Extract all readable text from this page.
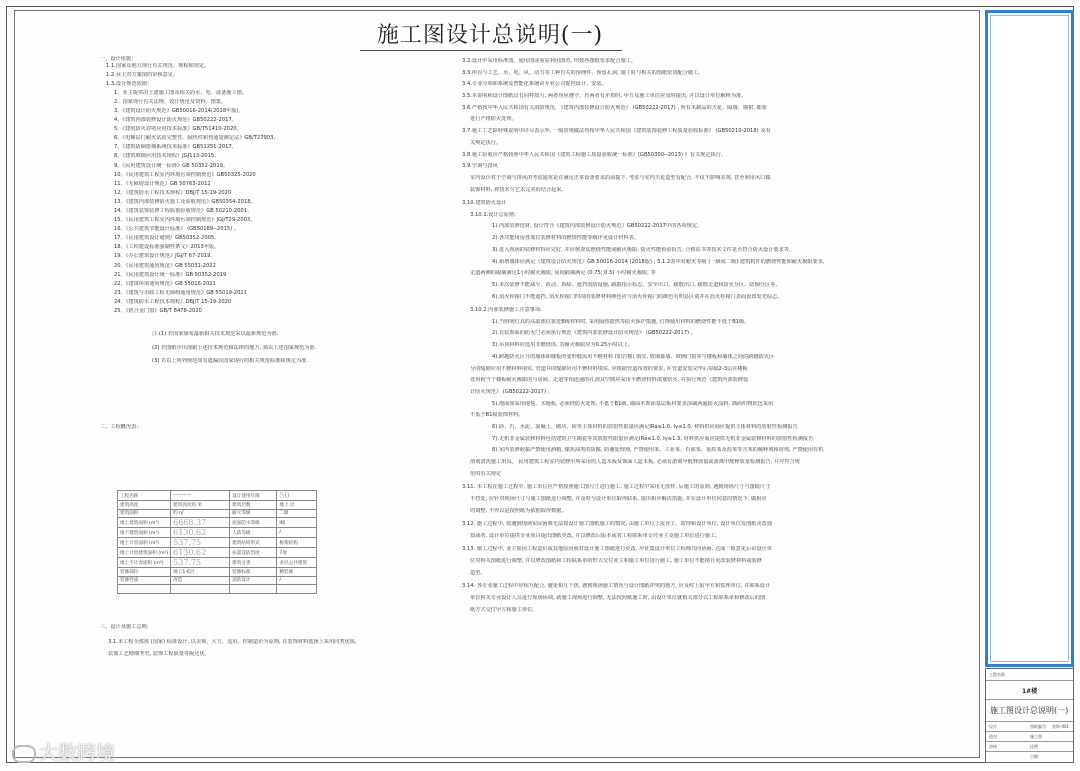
施工图设计总说明(一)
一、设计依据：
1.1.国家及地方现行有关规范、规程和规定。
1.2.业主对方案图的审核意见。
1.3.设计规范依据：
1、业主提供的土建施工图及相关的水、电、设备施工图。
2、国家现行有关法规、设计规范及资料、图集。
3、《建筑设计防火规范》GB50016-2014(2018年版)。
4、《建筑内部装修设计防火规范》GB50222-2017。
5、《建筑防火封堵应用技术标准》GB/T51410-2020。
6、《电梯层门耐火试验完整性、隔热性和热通量测定法》GB/T27903。
7、《建筑防烟排烟系统技术标准》GB51251-2017。
8、《建筑玻璃应用技术规程》JGJ113-2015。
9、《民用建筑设计统一标准》GB 50352-2019。
10、《民用建筑工程室内环境污染控制规范》GB50325-2020
11、《无障碍设计规范》GB 50763-2012
12、《建筑防水工程技术规程》DBJ/T 15-19-2020
13、《建筑内部装修防火施工及验收规范》GB50354-2018。
14、《建筑装饰装修工程质量验收规范》GB 50210-2001。
15、《民用建筑工程室内环境污染控制规范》JGJ/T29-2003。
16、《公共建筑节能设计标准》 (GB50189--2015) 。
17、《民用建筑设计通则》GB50352-2005。
18、《工程建设标准强制性条文》2013年版。
19、《办公建筑设计规范》JGJ/T 67-2019。
20、《民用建筑通用规范》GB 55031-2022
21、《民用建筑设计统一标准》GB 50352-2019
22、《建筑环境通用规范》GB 55016-2021
23、《建筑与市政工程无障碍通用规范》GB 55019-2021
24、《建筑防水工程技术规程》DBJ/T 15-19-2020
25、《铝合金门窗》GB/T 8478-2020
注:(1) 若国家颁布最新相关技术规范采以最新规范为准.
(2) 若图纸中出现跟上述技术规范和法律的地方, 须以上述国家规范为准.
(3) 若以上所列规范如有遗漏以国家现行的相关规范标准和规定为准.
二、工程概况表:
工程名称	————	设计使用年限	50
建筑高度	建筑高度约 米	建筑层数	地上 层
建筑面积	约 ㎡	耐火等级	二级
地上建筑面积 (m²)	6668.37	屋面防水等级	I级
地下建筑面积 (m²)	6130.62	人防等级	/
地上计容面积 (m²)	537.75	建筑结构形式	框架结构
地上计容建筑面积 (m²)	6130.62	抗震设防烈度	7度
地上不计容面积 (m²)	537.75	建筑分类	多层公共建筑
装修部位	地上1-6层	装修标准	精装修
装修性质	改造	消防设计	/

三、设计及施工总则:
3.1.本工程全部按 (国家) 标准设计, 以美观、大方、适用、控制造价为原则, 在装饰材料选择上采用同类优质,
装饰工艺精细考究, 装饰工程质量等级达优。
3.2.设计中采用标准图、通用图或重复利用图者, 均按各图纸要求配合施工。
3.3.所有与工艺、水、电、风、动力等工种有关的预埋件、预留孔洞, 施工时与相关的图纸密切配合施工。
3.4.专业分项和系统及智能化系统由专业公司提供设计、安装。
3.5.本说明和设计图纸具有同样效力, 两者均应遵守。若两者有矛盾时, 甲方及施工单位应及时提出, 并以设计单位解释为准。
3.6.严格按中华人民共和国有关消防规范, 《建筑内部装修设计防火规范》 (GB50222-2017) , 所有木制品的天花、隔墙、墙裙, 都要
进行严格防火处理。
3.7.施工工艺除特殊说明中详尽表示外, 一般常规做法均按中华人民共和国《建筑装饰装修工程质量验收标准》 (GB50210-2018) 及有
关规定执行。
3.8.施工验收应严格按照中华人民共和国《建筑工程施工质量验收统一标准》(GB50300--2013) 》有关规定执行。
3.9.空调与排风
室内设计对于空调与排风的考虑通常是在满足正常设备要求的前提下, 考虑与室内天花造型有配合, 不仅不影响美观, 甚至利用风口做
装饰材料, 将技术与艺术完美的结合起来。
3.10.建筑防火设计
3.10.1.设计总原则:
1).内部装修选材, 设计符合《建筑内部装修设计防火规范》GB50222-2017中的各项规定。
2).各功能用房各部位装修材料的燃烧性能等级详见设计材料表。
3).进入现场的装修材料应完好, 并应核查其燃烧性能或耐火极限, 防火性能检验报告, 合格证书等技术文件是否符合防火设计要求等。
4).新增墙体应满足《建筑设计防火规范》GB 50016-2014 (2018版) ; 5.1.2表中对耐火等级 (一级或二级) 建筑构件的燃烧性能和耐火极限要求,
走道两侧的隔墙满足1小时耐火极限, 房间隔墙满足 (0.75; 0.5) 小时耐火极限, 等
5).本次装修不能减少、改动、拆除、遮挡消防设施, 疏散指示标志、安全出口、疏散出口, 疏散走道和防火分区、防烟分区等。
6).消火栓箱门不能遮挡, 消火栓箱门四周的装修材料颜色应与消火栓箱门的颜色有明显区别并在消火栓箱门表面设置发光标志。
3.10.2.内部装修施工注意事项:
1).当照明灯具的高温部位靠近B级材料时, 采用隔热散热等防火保护措施, 灯饰使用材料的燃烧性能不低于B1级。
2).有装饰面的防火门必须执行规范《建筑内部装修设计防火规范》 (GB50222-2017) 。
3).吊顶材料应选用非燃烧体, 其耐火极限应为0.25小时以上。
4).跨越防火区分的墙体和楼板的变形缝需用不燃材料 (如岩棉) 填实, 玻璃幕墙、玻璃门窗等与楼板和墙体之间的跨越防火区
分的缝隙应用不燃材料填实, 管道井的缝隙应用不燃材料填实, 应根据管道布置的要求, 在管道安装完毕后每隔2-3层在楼板
处用相当于楼板耐火极限的与房间、走道等相连通的孔洞其空隙应采用不燃烧材料填塞密实, 并执行规范《建筑内部装修设
计防火规范》 (GB50222-2017) 。
5).地面如采用地毯、木地板, 必须经防火处理, 不低于B1级, 墙面木饰面基层板材要求涂刷两遍防火涂料, 墙面织物软包采用
不低于B1级装饰材料。
6).砂、石、水泥、混凝土、砌块、砖等主体材料的放射性限量应满足IRa≤1.0, Iγ≤1.0, 材料供应商应提供主体材料的放射性检测报告
7).无机非金属装修材料包括建筑卫生陶瓷等其放射性限量应满足IRa≤1.0, Iγ≤1.3, 材料供应商应提供无机非金属装修材料的放射性检测报告
8).室内装修胶黏严禁使用酒精, 煤焦油类的防腐, 防潮处理剂, 严禁使用苯、工业苯、石油苯、重质苯及混苯等含苯的稀释剂和溶剂, 严禁使用有机
溶剂清洗施工用具。 民用建筑工程室内装修中所采用的人造木板及饰面人造木板, 必须有游离甲醛释放量或游离甲醛释放量检测报告, 并应符合规
范的有关规定
3.11. 本工程在施工过程中, 施工单位应严格按照施工图尺寸进行施工, 施工过程中采用无放样, 后施工的原则, 遇到现场尺寸与图纸尺寸
不符处, 应针对现场尺寸与施工图纸进行调整, 并及时与设计单位取得联系, 提出相应解决措施, 并在设计单位同意的情况下, 做相应
的调整, 不得以是按照纸为依据取得数据。
3.12. 施工过程中, 如遇到现场实际困难无法按设计施工图纸施工的情况, 由施工单位上报业主、监理和设计单位, 设计单位发图纸更改通
知或者, 设计单位提供专业项目提出图纸更改, 并以修改后版本或者工程联系单交付业主及施工单位进行施工。
3.13. 施工过程中, 业主如因工程造价或其他原因而对设计施工图纸进行更改, 应征集设计单位工程师共同协商, 达成一致意见后由设计单
位对相关图纸进行调整, 并以修改图纸和工程联系单的形式交付业主和施工单位进行施工, 施工单位不能擅自更改装修材料或装修
造型。
3.14. 各专业施工过程中应相互配合, 避免相互干扰, 遇到现场施工情况与设计图纸冲突的地方, 应及时上报甲方和监理单位, 并联系设计
单位相关专业设计人员进行现场协调, 就施工现场进行调整, 无法按照纸施工时, 由设计单位就相关部分以工程联系单和修改后的图
纸方式交付甲方和施工单位。
工程名称
1#楼
施工图设计总说明(一)
设计	图纸编号 装饰-001
校对	施工图
审核	比例
日期
大数跨境
